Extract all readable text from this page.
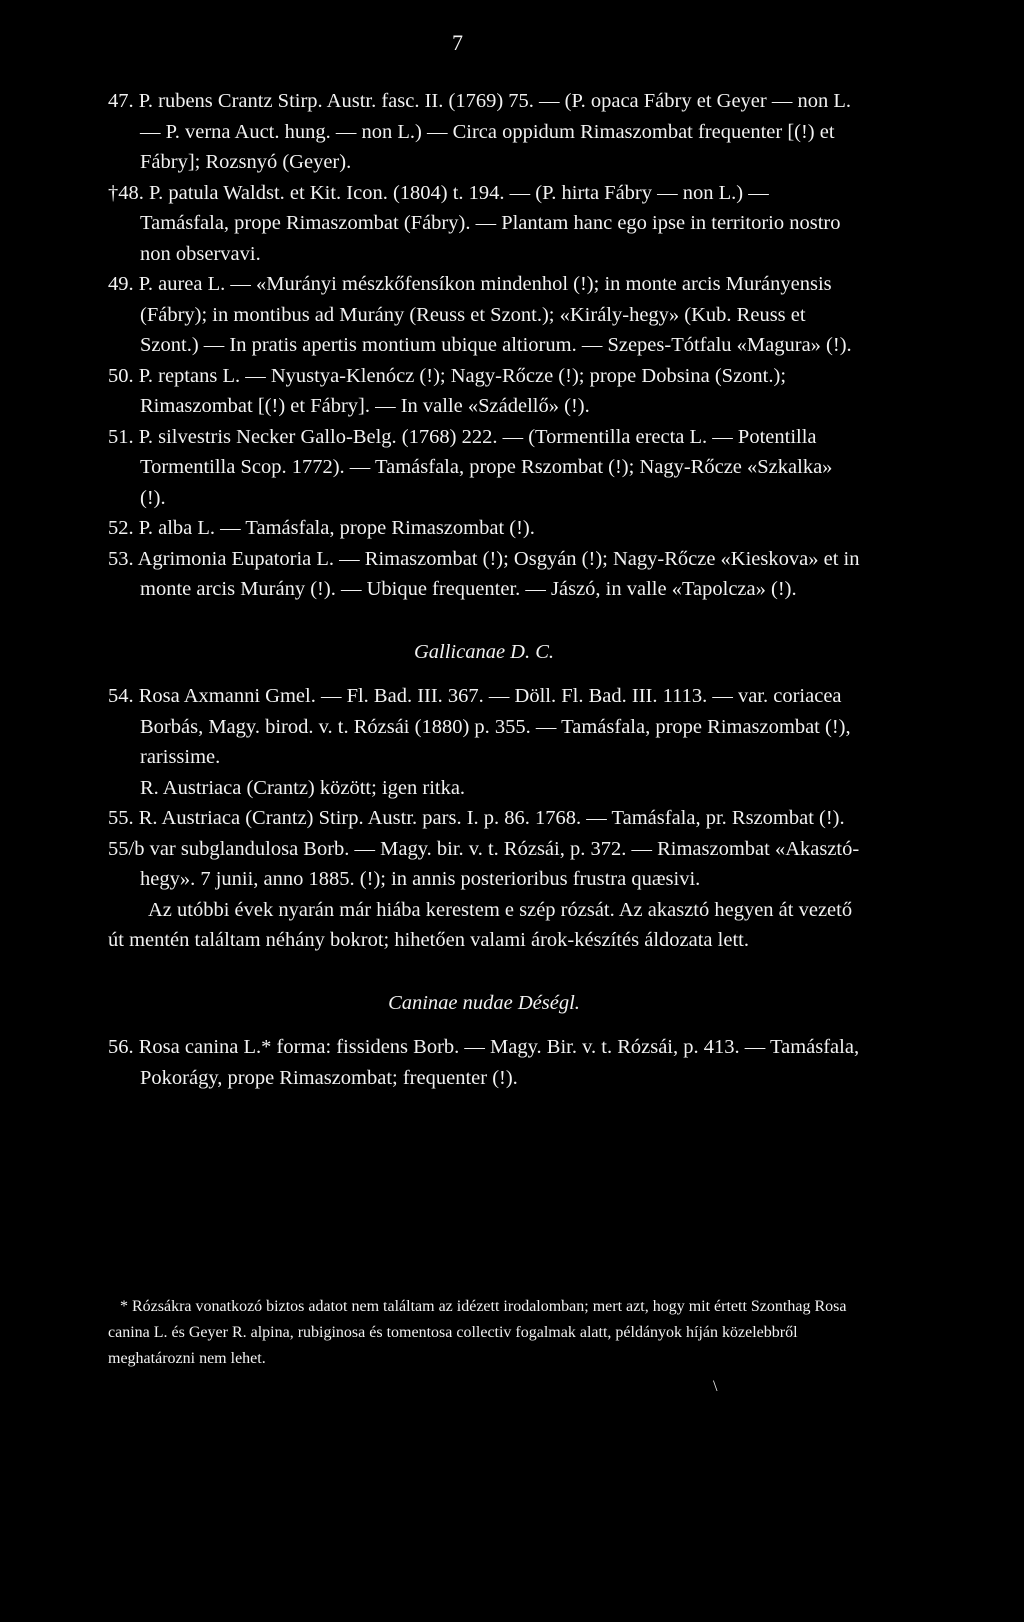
7

47. P. rubens Crantz Stirp. Austr. fasc. II. (1769) 75. — (P. opaca Fábry et Geyer — non L. — P. verna Auct. hung. — non L.) — Circa oppidum Rimaszombat frequenter [(!) et Fábry]; Rozsnyó (Geyer).

†48. P. patula Waldst. et Kit. Icon. (1804) t. 194. — (P. hirta Fábry — non L.) — Tamásfala, prope Rimaszombat (Fábry). — Plantam hanc ego ipse in territorio nostro non observavi.

49. P. aurea L. — «Murányi mészkőfensíkon mindenhol (!); in monte arcis Murányensis (Fábry); in montibus ad Murány (Reuss et Szont.); «Király-hegy» (Kub. Reuss et Szont.) — In pratis apertis montium ubique altiorum. — Szepes-Tótfalu «Magura» (!).

50. P. reptans L. — Nyustya-Klenócz (!); Nagy-Rőcze (!); prope Dobsina (Szont.); Rimaszombat [(!) et Fábry]. — In valle «Szádellő» (!).

51. P. silvestris Necker Gallo-Belg. (1768) 222. — (Tormentilla erecta L. — Potentilla Tormentilla Scop. 1772). — Tamásfala, prope Rszombat (!); Nagy-Rőcze «Szkalka» (!).

52. P. alba L. — Tamásfala, prope Rimaszombat (!).

53. Agrimonia Eupatoria L. — Rimaszombat (!); Osgyán (!); Nagy-Rőcze «Kieskova» et in monte arcis Murány (!). — Ubique frequenter. — Jászó, in valle «Tapolcza» (!).

Gallicanae D. C.

54. Rosa Axmanni Gmel. — Fl. Bad. III. 367. — Döll. Fl. Bad. III. 1113. — var. coriacea Borbás, Magy. birod. v. t. Rózsái (1880) p. 355. — Tamásfala, prope Rimaszombat (!), rarissime.

R. Austriaca (Crantz) között; igen ritka.

55. R. Austriaca (Crantz) Stirp. Austr. pars. I. p. 86. 1768. — Tamásfala, pr. Rszombat (!).

55/b var subglandulosa Borb. — Magy. bir. v. t. Rózsái, p. 372. — Rimaszombat «Akasztó-hegy». 7 junii, anno 1885. (!); in annis posterioribus frustra quæsivi.

Az utóbbi évek nyarán már hiába kerestem e szép rózsát. Az akasztó hegyen át vezető út mentén találtam néhány bokrot; hihetően valami árok-készítés áldozata lett.

Caninae nudae Déségl.

56. Rosa canina L.* forma: fissidens Borb. — Magy. Bir. v. t. Rózsái, p. 413. — Tamásfala, Pokorágy, prope Rimaszombat; frequenter (!).

* Rózsákra vonatkozó biztos adatot nem találtam az idézett irodalomban; mert azt, hogy mit értett Szonthag Rosa canina L. és Geyer R. alpina, rubiginosa és tomentosa collectiv fogalmak alatt, példányok híján közelebbről meghatározni nem lehet.

\
